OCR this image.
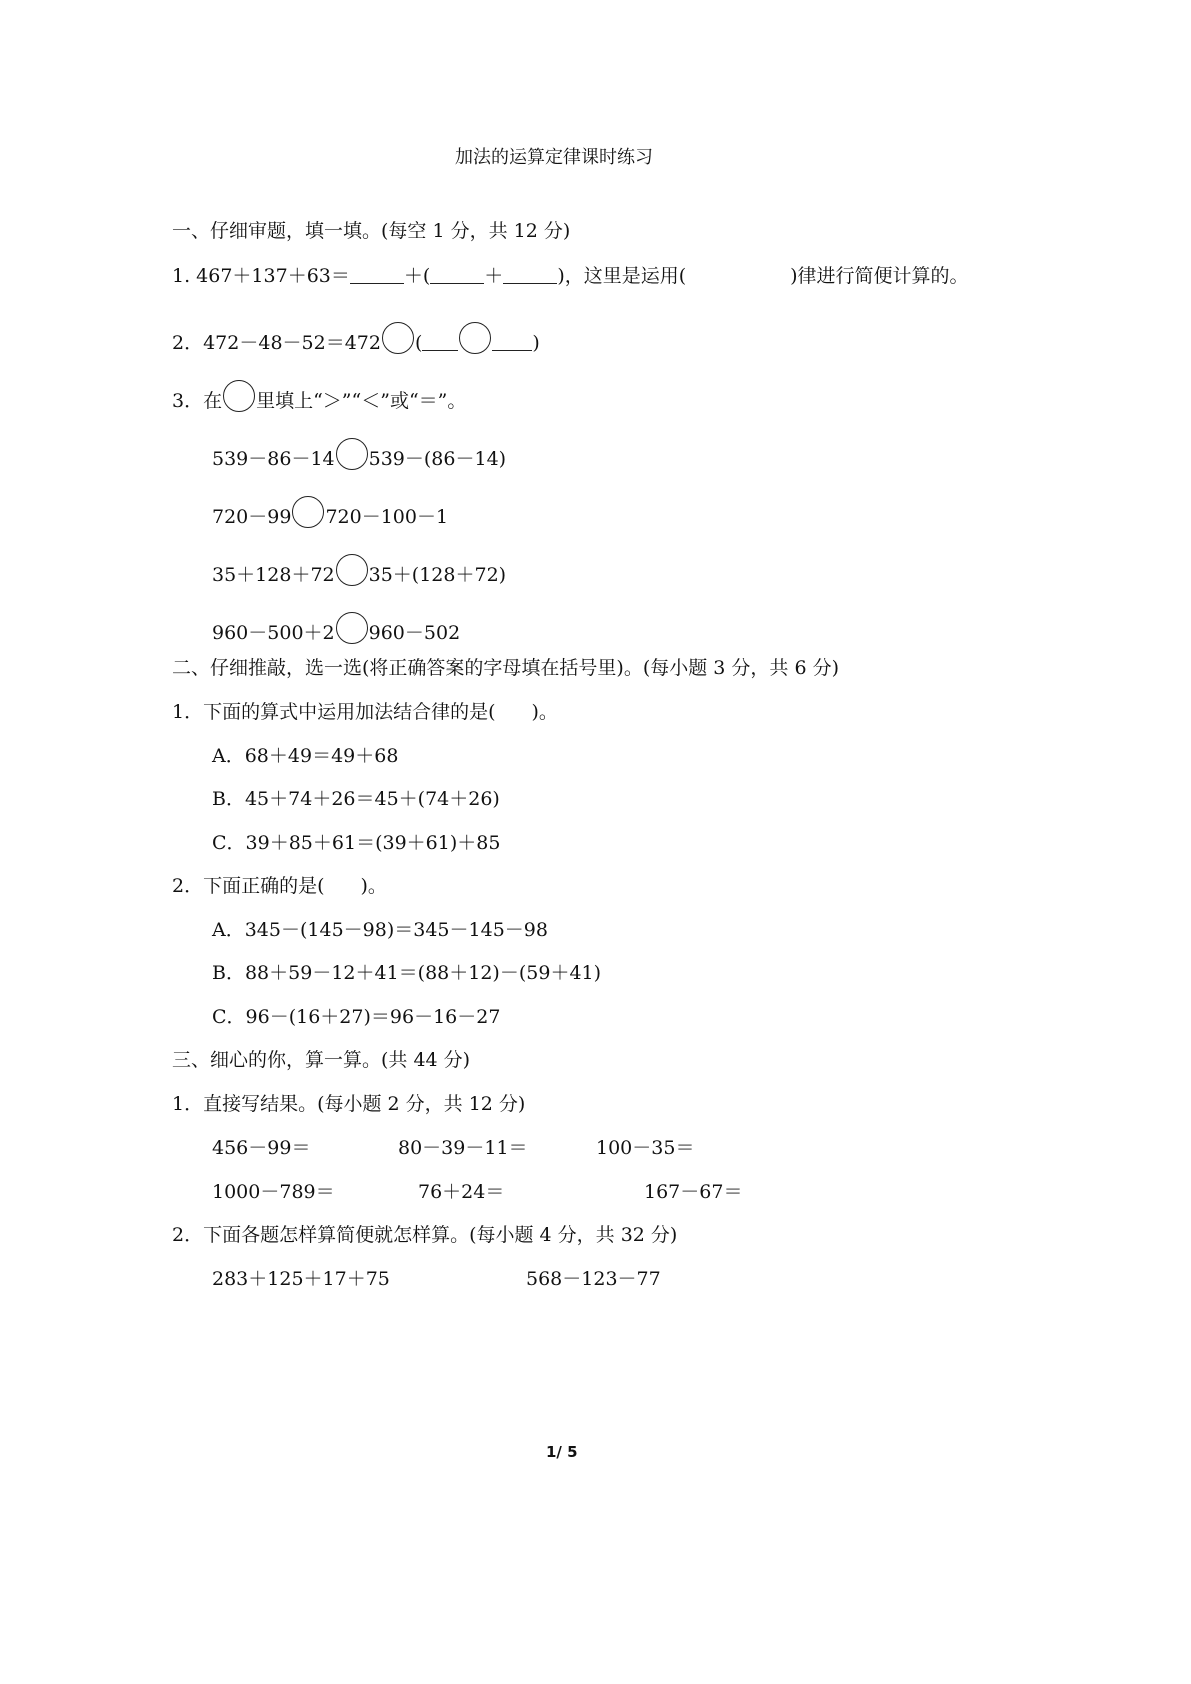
加法的运算定律课时练习
一、仔细审题，填一填。(每空 1 分，共 12 分)
1. 467＋137＋63＝	＋(	＋	)，这里是运用(	)律进行简便计算的。
2．472－48－52＝472 (	)
3．在 里填上“＞”“＜”或“＝”。
539－86－14 539－(86－14)
720－99 720－100－1
35＋128＋72 35＋(128＋72)
960－500＋2 960－502
二、仔细推敲，选一选(将正确答案的字母填在括号里)。(每小题 3 分，共 6 分)
1．下面的算式中运用加法结合律的是( )。
A．68＋49＝49＋68
B．45＋74＋26＝45＋(74＋26)
C．39＋85＋61＝(39＋61)＋85
2．下面正确的是( )。
A．345－(145－98)＝345－145－98
B．88＋59－12＋41＝(88＋12)－(59＋41)
C．96－(16＋27)＝96－16－27
三、细心的你，算一算。(共 44 分)
1．直接写结果。(每小题 2 分，共 12 分)
456－99＝	80－39－11＝	100－35＝
1000－789＝	76＋24＝	167－67＝
2．下面各题怎样算简便就怎样算。(每小题 4 分，共 32 分)
283＋125＋17＋75	568－123－77
1/ 5
